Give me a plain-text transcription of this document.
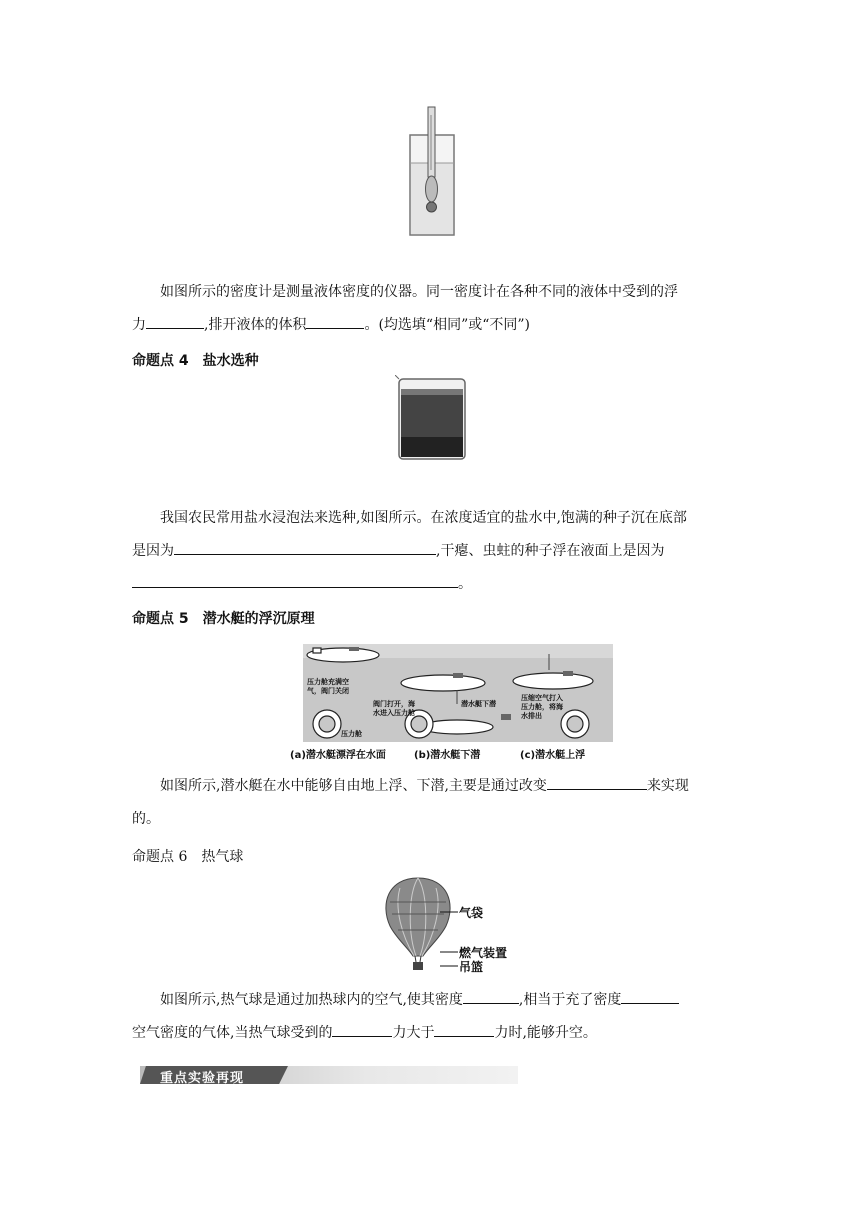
如图所示的密度计是测量液体密度的仪器。同一密度计在各种不同的液体中受到的浮
力	,排开液体的体积	。(均选填“相同”或“不同”)
命题点 4　盐水选种
我国农民常用盐水浸泡法来选种,如图所示。在浓度适宜的盐水中,饱满的种子沉在底部
是因为	,干瘪、虫蛀的种子浮在液面上是因为
。
命题点 5　潜水艇的浮沉原理
压力舱充满空气，阀门关闭
压力舱
阀门打开，海水进入压力舱
潜水艇下潜
压缩空气打入压力舱，将海水排出
(a)潜水艇漂浮在水面	(b)潜水艇下潜	(c)潜水艇上浮
如图所示,潜水艇在水中能够自由地上浮、下潜,主要是通过改变	来实现
的。
命题点 6　热气球
气袋
燃气装置
吊篮
如图所示,热气球是通过加热球内的空气,使其密度	,相当于充了密度
空气密度的气体,当热气球受到的	力大于	力时,能够升空。
重点实验再现
